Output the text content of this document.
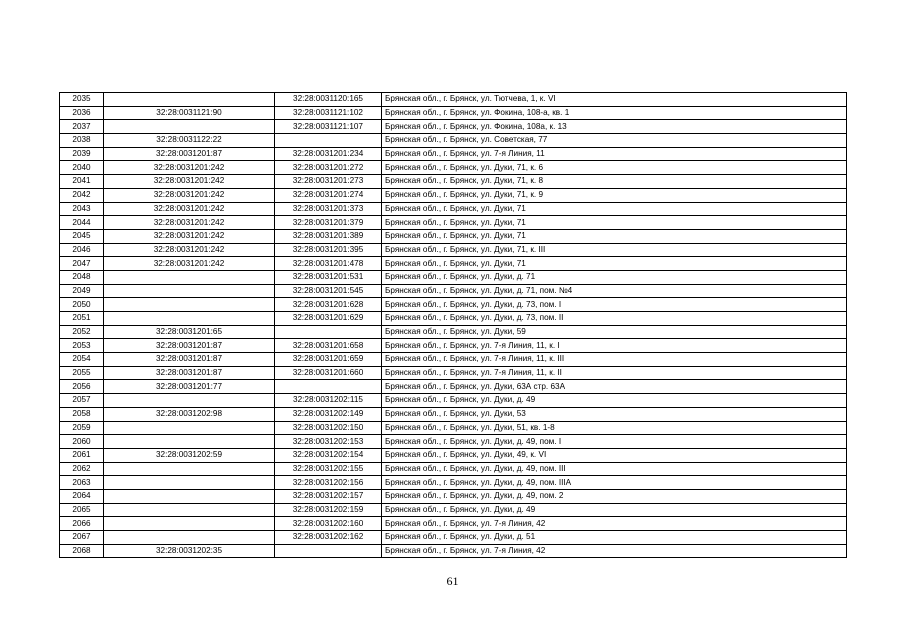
2035		32:28:0031120:165	Брянская обл., г. Брянск, ул. Тютчева, 1, к. VI
2036	32:28:0031121:90	32:28:0031121:102	Брянская обл., г. Брянск, ул. Фокина, 108-а, кв. 1
2037		32:28:0031121:107	Брянская обл., г. Брянск, ул. Фокина, 108а, к. 13
2038	32:28:0031122:22		Брянская обл., г. Брянск, ул. Советская, 77
2039	32:28:0031201:87	32:28:0031201:234	Брянская обл., г. Брянск, ул. 7-я Линия, 11
2040	32:28:0031201:242	32:28:0031201:272	Брянская обл., г. Брянск, ул. Дуки, 71, к. 6
2041	32:28:0031201:242	32:28:0031201:273	Брянская обл., г. Брянск, ул. Дуки, 71, к. 8
2042	32:28:0031201:242	32:28:0031201:274	Брянская обл., г. Брянск, ул. Дуки, 71, к. 9
2043	32:28:0031201:242	32:28:0031201:373	Брянская обл., г. Брянск, ул. Дуки, 71
2044	32:28:0031201:242	32:28:0031201:379	Брянская обл., г. Брянск, ул. Дуки, 71
2045	32:28:0031201:242	32:28:0031201:389	Брянская обл., г. Брянск, ул. Дуки, 71
2046	32:28:0031201:242	32:28:0031201:395	Брянская обл., г. Брянск, ул. Дуки, 71, к. III
2047	32:28:0031201:242	32:28:0031201:478	Брянская обл., г. Брянск, ул. Дуки, 71
2048		32:28:0031201:531	Брянская обл., г. Брянск, ул. Дуки, д. 71
2049		32:28:0031201:545	Брянская обл., г. Брянск, ул. Дуки, д. 71, пом. №4
2050		32:28:0031201:628	Брянская обл., г. Брянск, ул. Дуки, д. 73, пом. I
2051		32:28:0031201:629	Брянская обл., г. Брянск, ул. Дуки, д. 73, пом. II
2052	32:28:0031201:65		Брянская обл., г. Брянск, ул. Дуки, 59
2053	32:28:0031201:87	32:28:0031201:658	Брянская обл., г. Брянск, ул. 7-я Линия, 11, к. I
2054	32:28:0031201:87	32:28:0031201:659	Брянская обл., г. Брянск, ул. 7-я Линия, 11, к. III
2055	32:28:0031201:87	32:28:0031201:660	Брянская обл., г. Брянск, ул. 7-я Линия, 11, к. II
2056	32:28:0031201:77		Брянская обл., г. Брянск, ул. Дуки, 63А стр. 63А
2057		32:28:0031202:115	Брянская обл., г. Брянск, ул. Дуки, д. 49
2058	32:28:0031202:98	32:28:0031202:149	Брянская обл., г. Брянск, ул. Дуки, 53
2059		32:28:0031202:150	Брянская обл., г. Брянск, ул. Дуки, 51, кв. 1-8
2060		32:28:0031202:153	Брянская обл., г. Брянск, ул. Дуки, д. 49, пом. I
2061	32:28:0031202:59	32:28:0031202:154	Брянская обл., г. Брянск, ул. Дуки, 49, к. VI
2062		32:28:0031202:155	Брянская обл., г. Брянск, ул. Дуки, д. 49, пом. III
2063		32:28:0031202:156	Брянская обл., г. Брянск, ул. Дуки, д. 49, пом. IIIА
2064		32:28:0031202:157	Брянская обл., г. Брянск, ул. Дуки, д. 49, пом. 2
2065		32:28:0031202:159	Брянская обл., г. Брянск, ул. Дуки, д. 49
2066		32:28:0031202:160	Брянская обл., г. Брянск, ул. 7-я Линия, 42
2067		32:28:0031202:162	Брянская обл., г. Брянск, ул. Дуки, д. 51
2068	32:28:0031202:35		Брянская обл., г. Брянск, ул. 7-я Линия, 42
61
